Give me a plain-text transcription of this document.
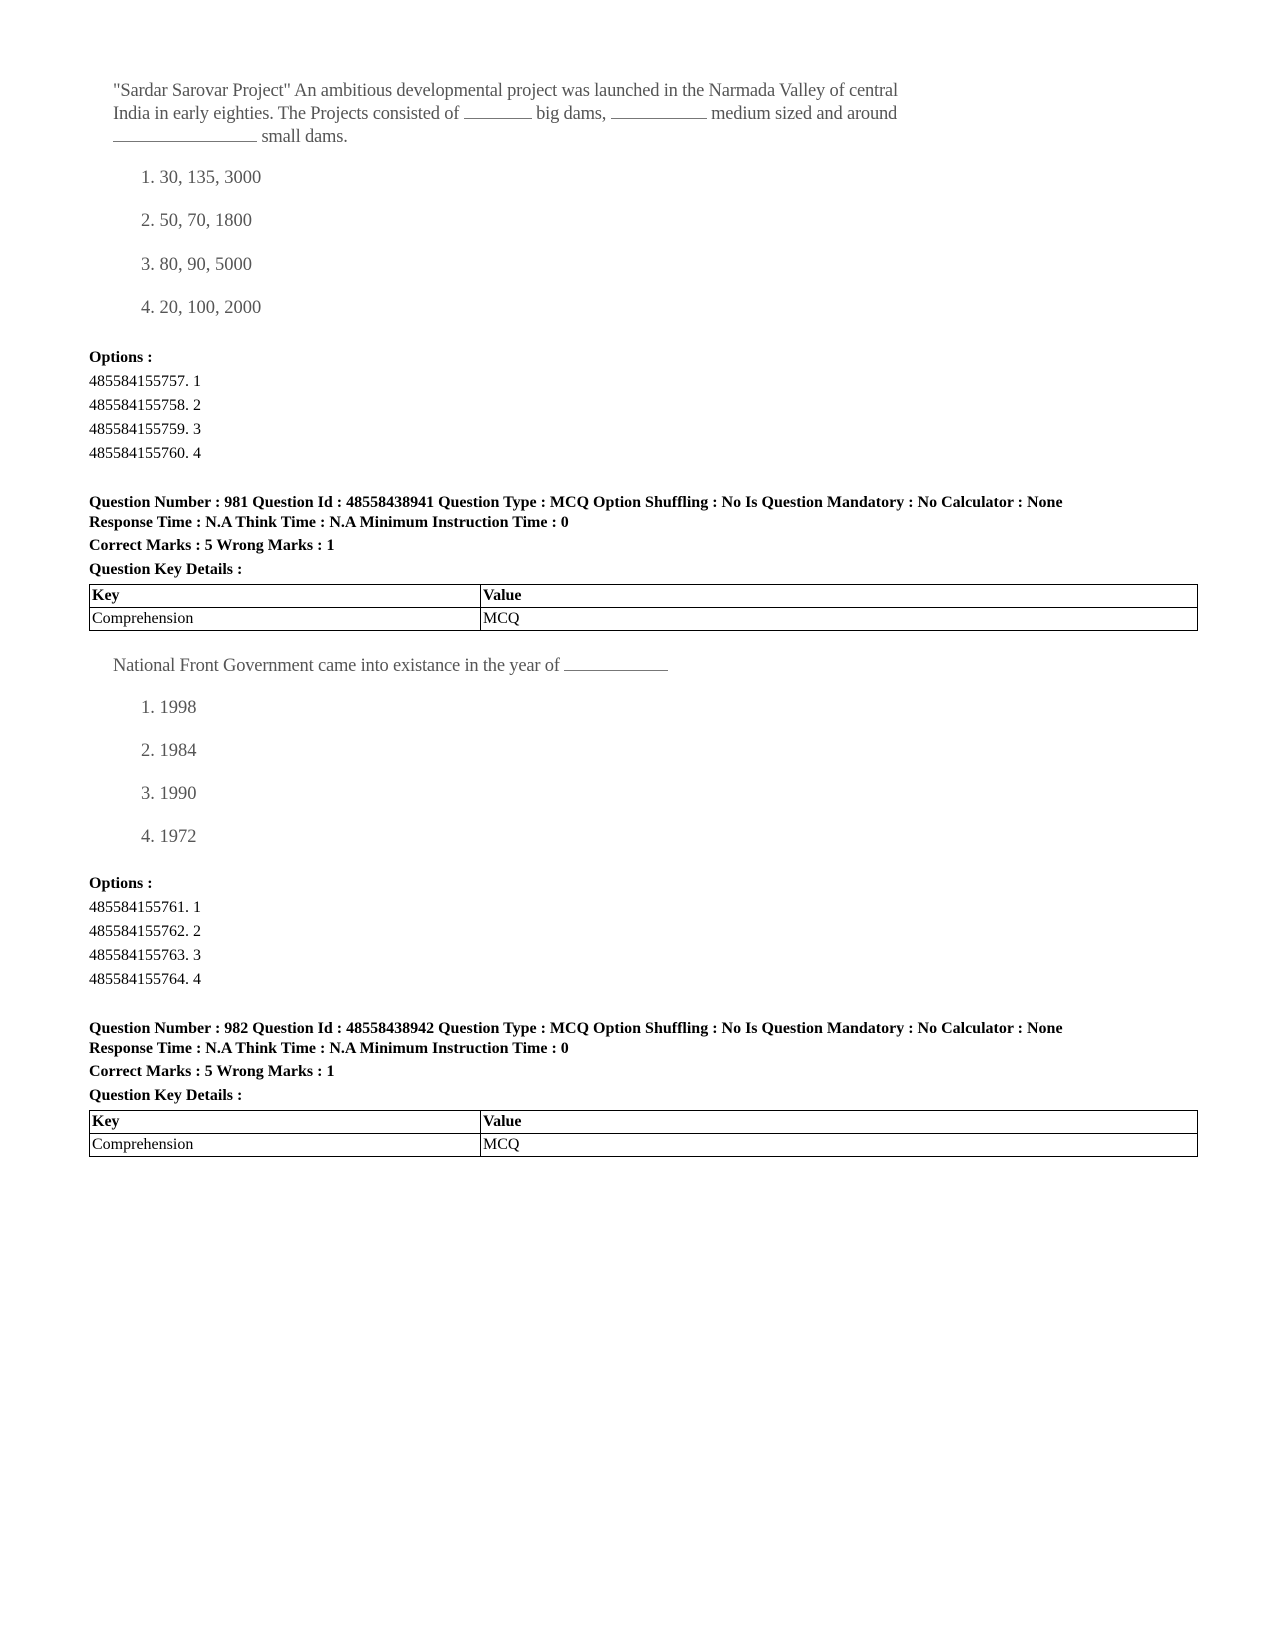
"Sardar Sarovar Project" An ambitious developmental project was launched in the Narmada Valley of central
India in early eighties. The Projects consisted of	big dams,	medium sized and around
small dams.
1. 30, 135, 3000
2. 50, 70, 1800
3. 80, 90, 5000
4. 20, 100, 2000
Options :
485584155757. 1
485584155758. 2
485584155759. 3
485584155760. 4
Question Number : 981 Question Id : 48558438941 Question Type : MCQ Option Shuffling : No Is Question Mandatory : No Calculator : None
Response Time : N.A Think Time : N.A Minimum Instruction Time : 0
Correct Marks : 5 Wrong Marks : 1
Question Key Details :
Key	Value
Comprehension	MCQ
National Front Government came into existance in the year of
1. 1998
2. 1984
3. 1990
4. 1972
Options :
485584155761. 1
485584155762. 2
485584155763. 3
485584155764. 4
Question Number : 982 Question Id : 48558438942 Question Type : MCQ Option Shuffling : No Is Question Mandatory : No Calculator : None
Response Time : N.A Think Time : N.A Minimum Instruction Time : 0
Correct Marks : 5 Wrong Marks : 1
Question Key Details :
Key	Value
Comprehension	MCQ
